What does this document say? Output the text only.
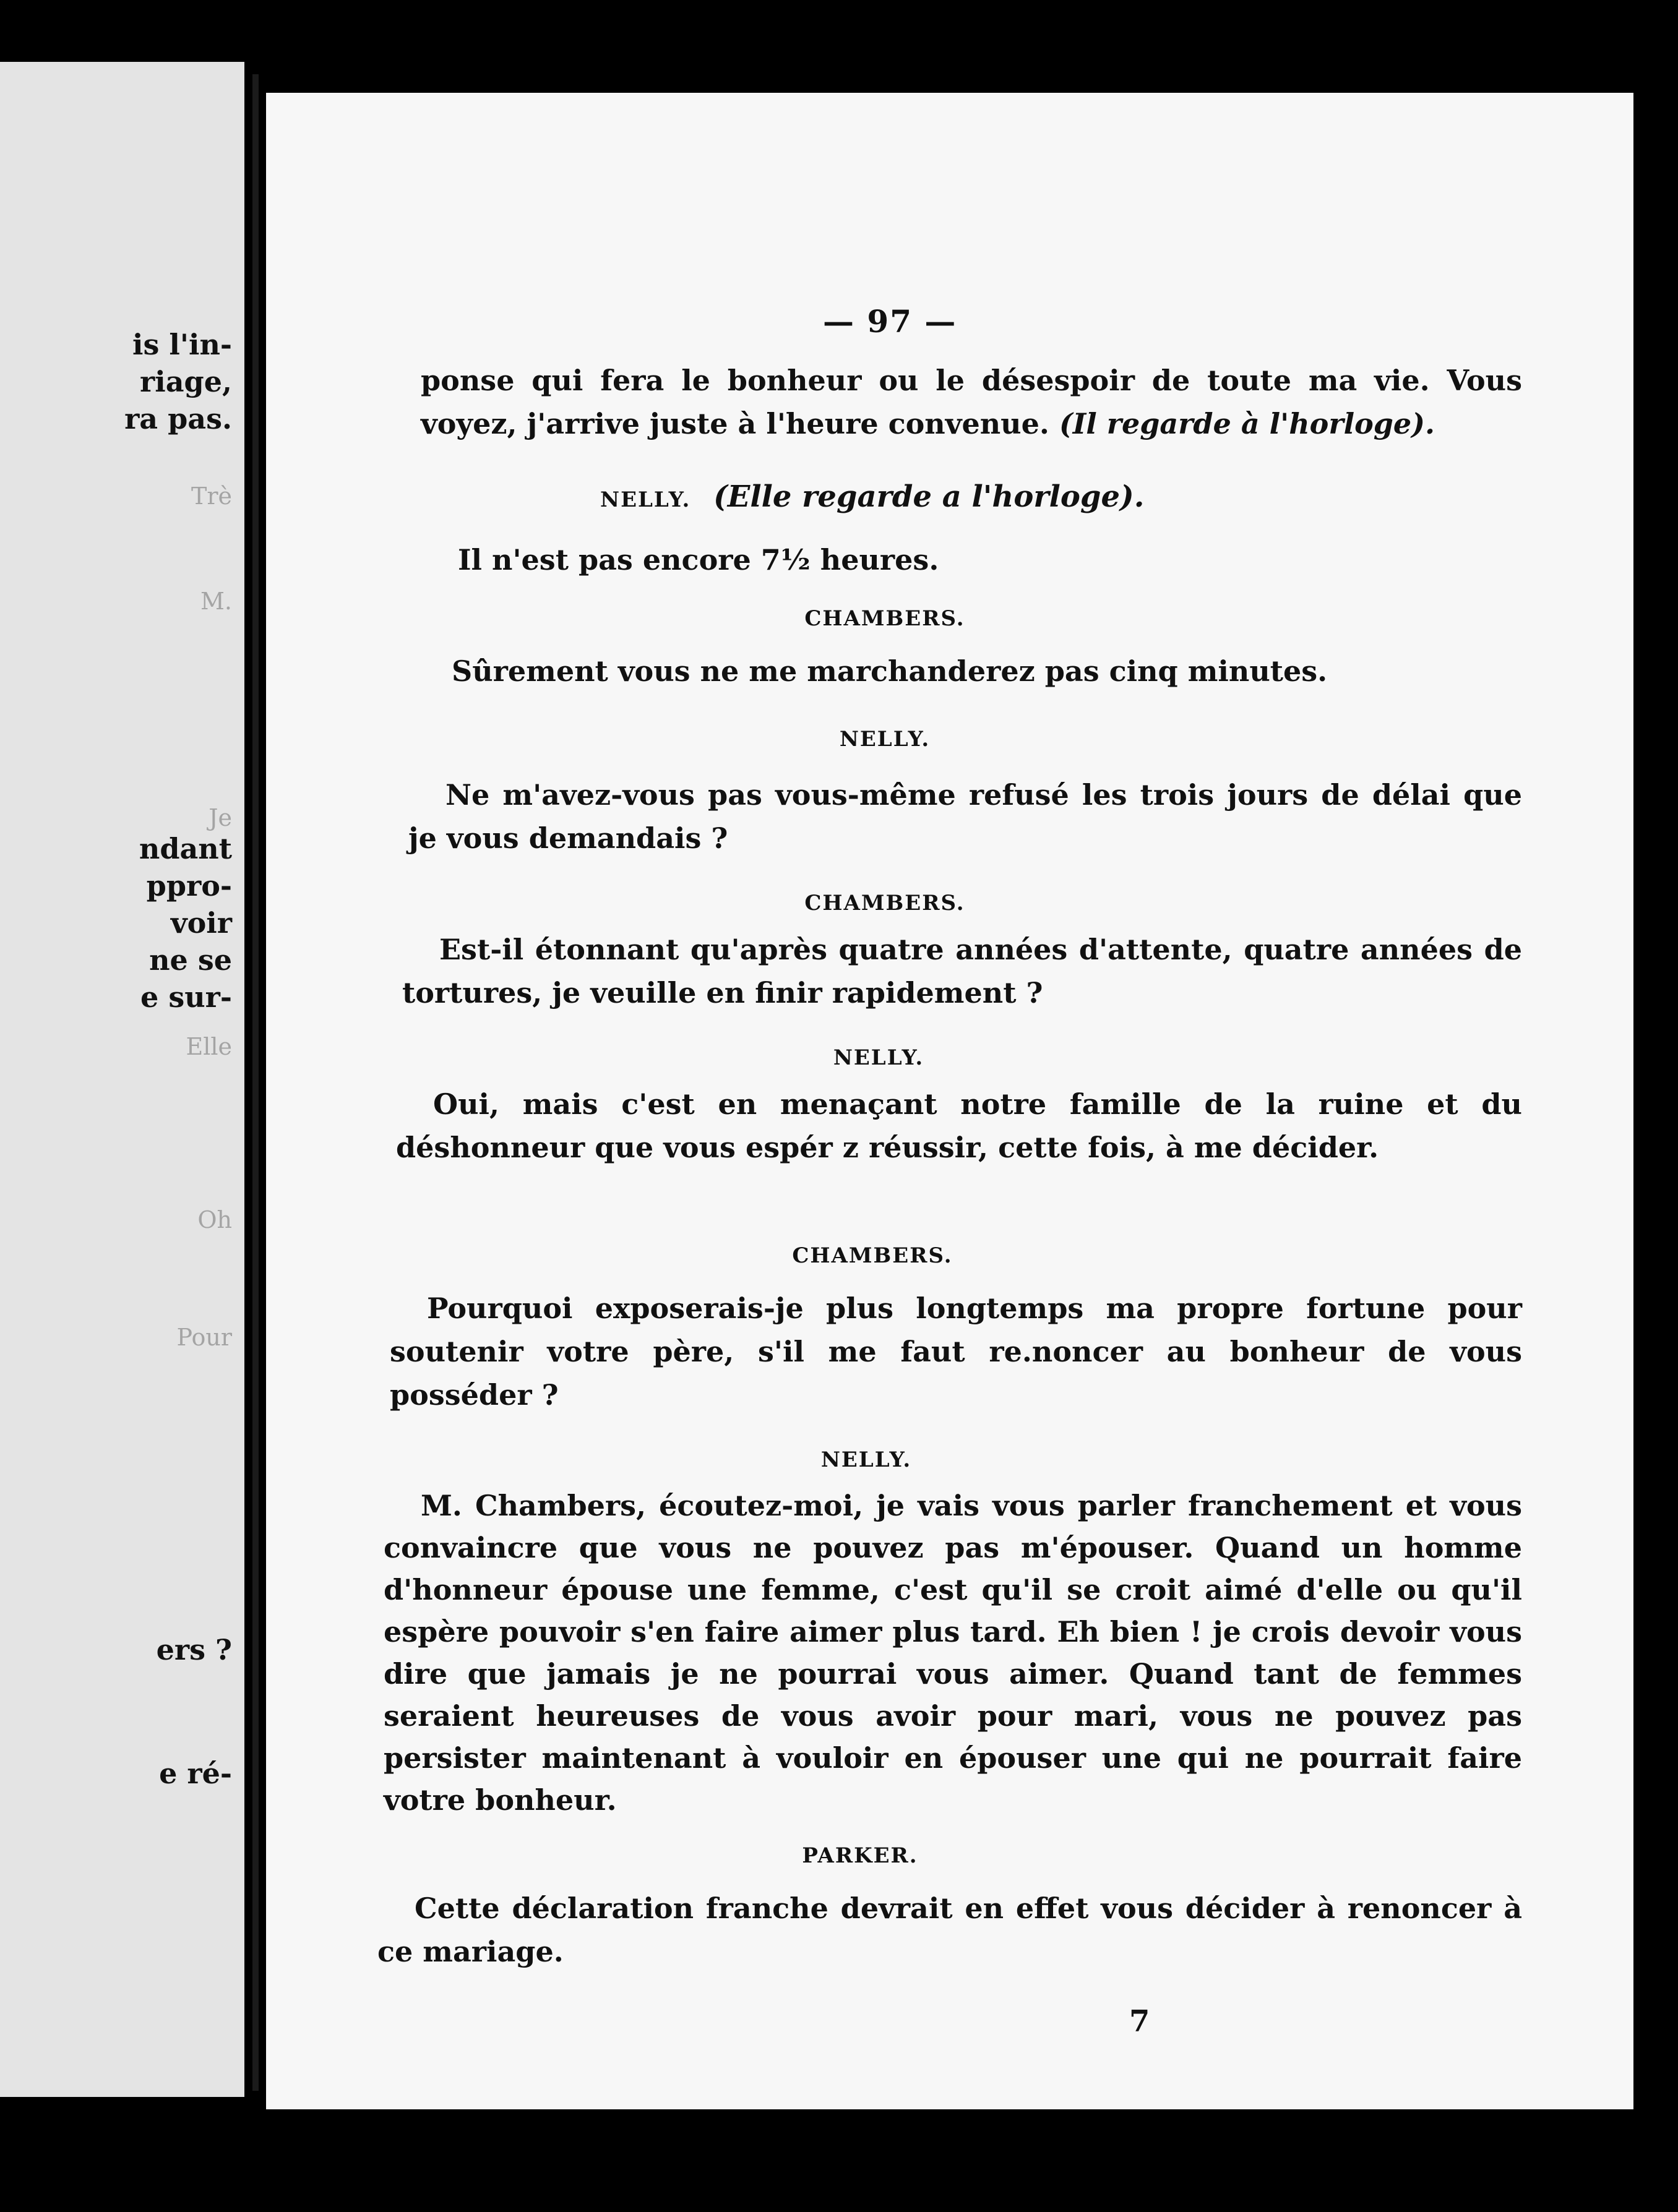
is l'in-
riage,
ra pas.
Trè
M.
Je
ndant
ppro-
voir
ne se
e sur-
Elle
Oh
Pour
ers ?
e ré-
— 97 —
ponse qui fera le bonheur ou le désespoir de toute ma vie. Vous voyez, j'arrive juste à l'heure convenue. (Il regarde à l'horloge).
NELLY. (Elle regarde a l'horloge).
Il n'est pas encore 7½ heures.
CHAMBERS.
Sûrement vous ne me marchanderez pas cinq minutes.
NELLY.
Ne m'avez-vous pas vous-même refusé les trois jours de délai que je vous demandais ?
CHAMBERS.
Est-il étonnant qu'après quatre années d'attente, quatre années de tortures, je veuille en finir rapidement ?
NELLY.
Oui, mais c'est en menaçant notre famille de la ruine et du déshonneur que vous espér z réussir, cette fois, à me décider.
CHAMBERS.
Pourquoi exposerais-je plus longtemps ma propre fortune pour soutenir votre père, s'il me faut re.noncer au bonheur de vous posséder ?
NELLY.
M. Chambers, écoutez-moi, je vais vous parler franchement et vous convaincre que vous ne pouvez pas m'épouser. Quand un homme d'honneur épouse une femme, c'est qu'il se croit aimé d'elle ou qu'il espère pouvoir s'en faire aimer plus tard. Eh bien ! je crois devoir vous dire que jamais je ne pourrai vous aimer. Quand tant de femmes seraient heureuses de vous avoir pour mari, vous ne pouvez pas persister maintenant à vouloir en épouser une qui ne pourrait faire votre bonheur.
PARKER.
Cette déclaration franche devrait en effet vous décider à renoncer à ce mariage.
7
